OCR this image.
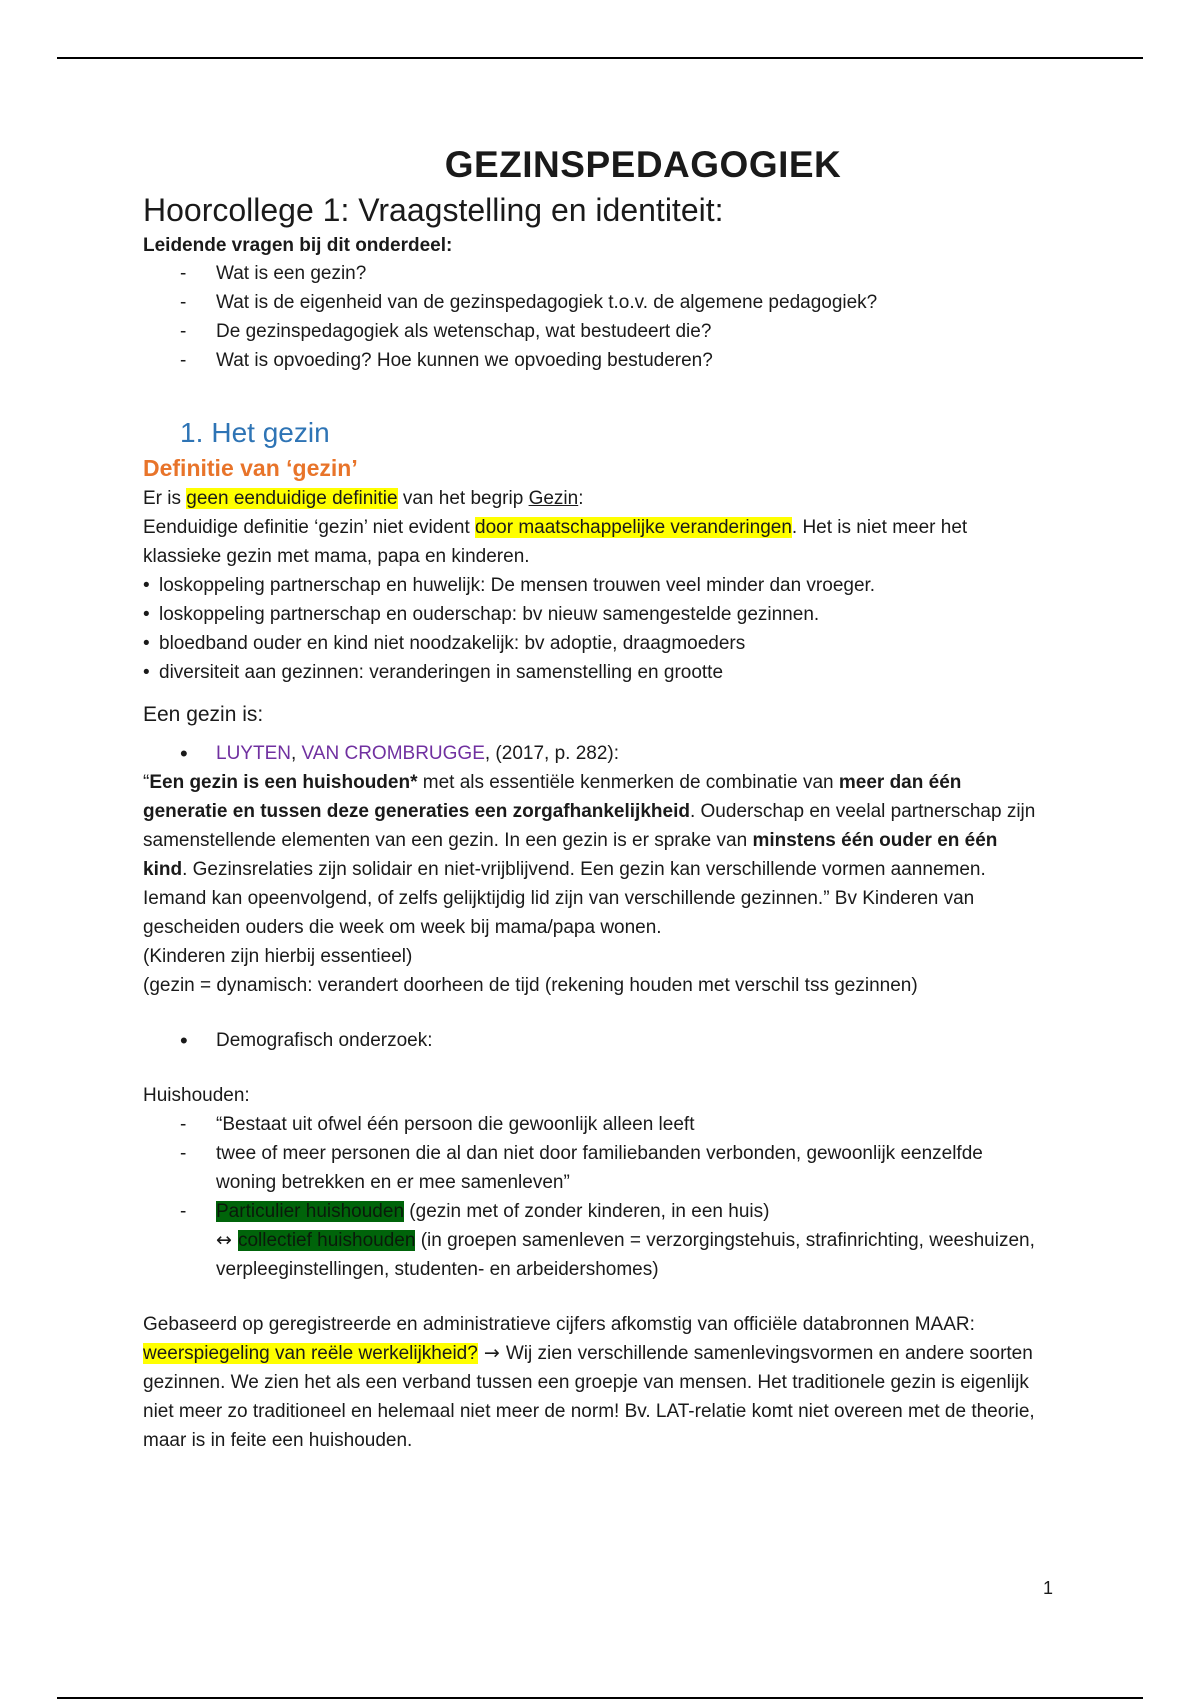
GEZINSPEDAGOGIEK
Hoorcollege 1: Vraagstelling en identiteit:
Leidende vragen bij dit onderdeel:
- Wat is een gezin?
- Wat is de eigenheid van de gezinspedagogiek t.o.v. de algemene pedagogiek?
- De gezinspedagogiek als wetenschap, wat bestudeert die?
- Wat is opvoeding? Hoe kunnen we opvoeding bestuderen?
1. Het gezin
Definitie van ‘gezin’

Er is geen eenduidige definitie van het begrip Gezin:

Eenduidige definitie ‘gezin’ niet evident door maatschappelijke veranderingen. Het is niet meer het klassieke gezin met mama, papa en kinderen.

• loskoppeling partnerschap en huwelijk: De mensen trouwen veel minder dan vroeger.
• loskoppeling partnerschap en ouderschap: bv nieuw samengestelde gezinnen.
• bloedband ouder en kind niet noodzakelijk: bv adoptie, draagmoeders
• diversiteit aan gezinnen: veranderingen in samenstelling en grootte
Een gezin is:
• LUYTEN, VAN CROMBRUGGE, (2017, p. 282):

“Een gezin is een huishouden* met als essentiële kenmerken de combinatie van meer dan één generatie en tussen deze generaties een zorgafhankelijkheid. Ouderschap en veelal partnerschap zijn samenstellende elementen van een gezin. In een gezin is er sprake van minstens één ouder en één kind. Gezinsrelaties zijn solidair en niet-vrijblijvend. Een gezin kan verschillende vormen aannemen. Iemand kan opeenvolgend, of zelfs gelijktijdig lid zijn van verschillende gezinnen.” Bv Kinderen van gescheiden ouders die week om week bij mama/papa wonen.

(Kinderen zijn hierbij essentieel)

(gezin = dynamisch: verandert doorheen de tijd (rekening houden met verschil tss gezinnen)

• Demografisch onderzoek:

Huishouden:

- “Bestaat uit ofwel één persoon die gewoonlijk alleen leeft
- twee of meer personen die al dan niet door familiebanden verbonden, gewoonlijk eenzelfde woning betrekken en er mee samenleven”
- Particulier huishouden (gezin met of zonder kinderen, in een huis)
↔ collectief huishouden (in groepen samenleven = verzorgingstehuis, strafinrichting, weeshuizen, verpleeginstellingen, studenten- en arbeidershomes)

Gebaseerd op geregistreerde en administratieve cijfers afkomstig van officiële databronnen MAAR: weerspiegeling van reële werkelijkheid? → Wij zien verschillende samenlevingsvormen en andere soorten gezinnen. We zien het als een verband tussen een groepje van mensen. Het traditionele gezin is eigenlijk niet meer zo traditioneel en helemaal niet meer de norm! Bv. LAT-relatie komt niet overeen met de theorie, maar is in feite een huishouden.

1
